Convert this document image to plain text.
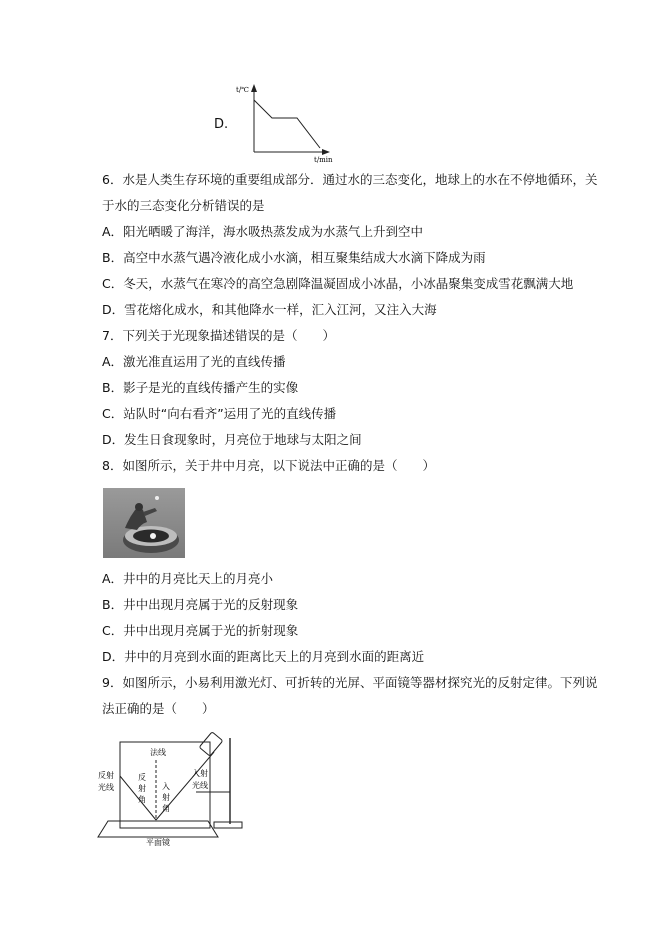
D.
t/℃
t/min
6．水是人类生存环境的重要组成部分．通过水的三态变化，地球上的水在不停地循环，关
于水的三态变化分析错误的是
A．阳光晒暖了海洋，海水吸热蒸发成为水蒸气上升到空中
B．高空中水蒸气遇冷液化成小水滴，相互聚集结成大水滴下降成为雨
C．冬天，水蒸气在寒冷的高空急剧降温凝固成小冰晶，小冰晶聚集变成雪花飘满大地
D．雪花熔化成水，和其他降水一样，汇入江河，又注入大海
7．下列关于光现象描述错误的是（　　）
A．激光准直运用了光的直线传播
B．影子是光的直线传播产生的实像
C．站队时“向右看齐”运用了光的直线传播
D．发生日食现象时，月亮位于地球与太阳之间
8．如图所示，关于井中月亮，以下说法中正确的是（　　）
A．井中的月亮比天上的月亮小
B．井中出现月亮属于光的反射现象
C．井中出现月亮属于光的折射现象
D．井中的月亮到水面的距离比天上的月亮到水面的距离近
9．如图所示，小易利用激光灯、可折转的光屏、平面镜等器材探究光的反射定律。下列说
法正确的是（　　）
法线
反射
光线
反
射
角
入
射
角
入射
光线
平面镜
